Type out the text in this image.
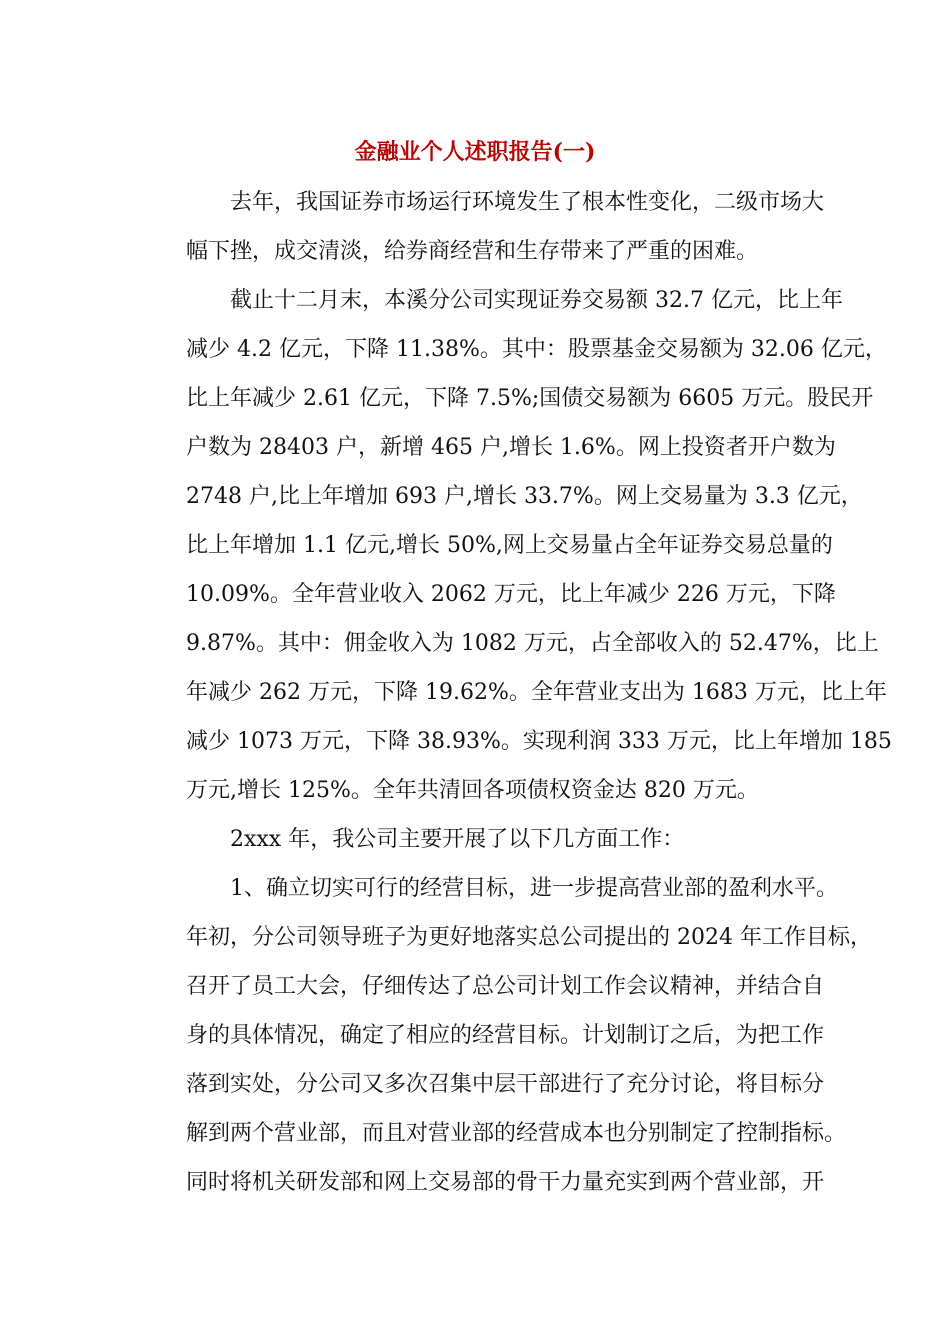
金融业个人述职报告(一)
去年，我国证券市场运行环境发生了根本性变化，二级市场大
幅下挫，成交清淡，给券商经营和生存带来了严重的困难。
截止十二月末，本溪分公司实现证券交易额 32.7 亿元，比上年
减少 4.2 亿元，下降 11.38%。其中：股票基金交易额为 32.06 亿元，
比上年减少 2.61 亿元，下降 7.5%;国债交易额为 6605 万元。股民开
户数为 28403 户，新增 465 户,增长 1.6%。网上投资者开户数为
2748 户,比上年增加 693 户,增长 33.7%。网上交易量为 3.3 亿元，
比上年增加 1.1 亿元,增长 50%,网上交易量占全年证券交易总量的
10.09%。全年营业收入 2062 万元，比上年减少 226 万元，下降
9.87%。其中：佣金收入为 1082 万元，占全部收入的 52.47%，比上
年减少 262 万元，下降 19.62%。全年营业支出为 1683 万元，比上年
减少 1073 万元，下降 38.93%。实现利润 333 万元，比上年增加 185
万元,增长 125%。全年共清回各项债权资金达 820 万元。
2xxx 年，我公司主要开展了以下几方面工作：
1、确立切实可行的经营目标，进一步提高营业部的盈利水平。
年初，分公司领导班子为更好地落实总公司提出的 2024 年工作目标，
召开了员工大会，仔细传达了总公司计划工作会议精神，并结合自
身的具体情况，确定了相应的经营目标。计划制订之后，为把工作
落到实处，分公司又多次召集中层干部进行了充分讨论，将目标分
解到两个营业部，而且对营业部的经营成本也分别制定了控制指标。
同时将机关研发部和网上交易部的骨干力量充实到两个营业部，开
